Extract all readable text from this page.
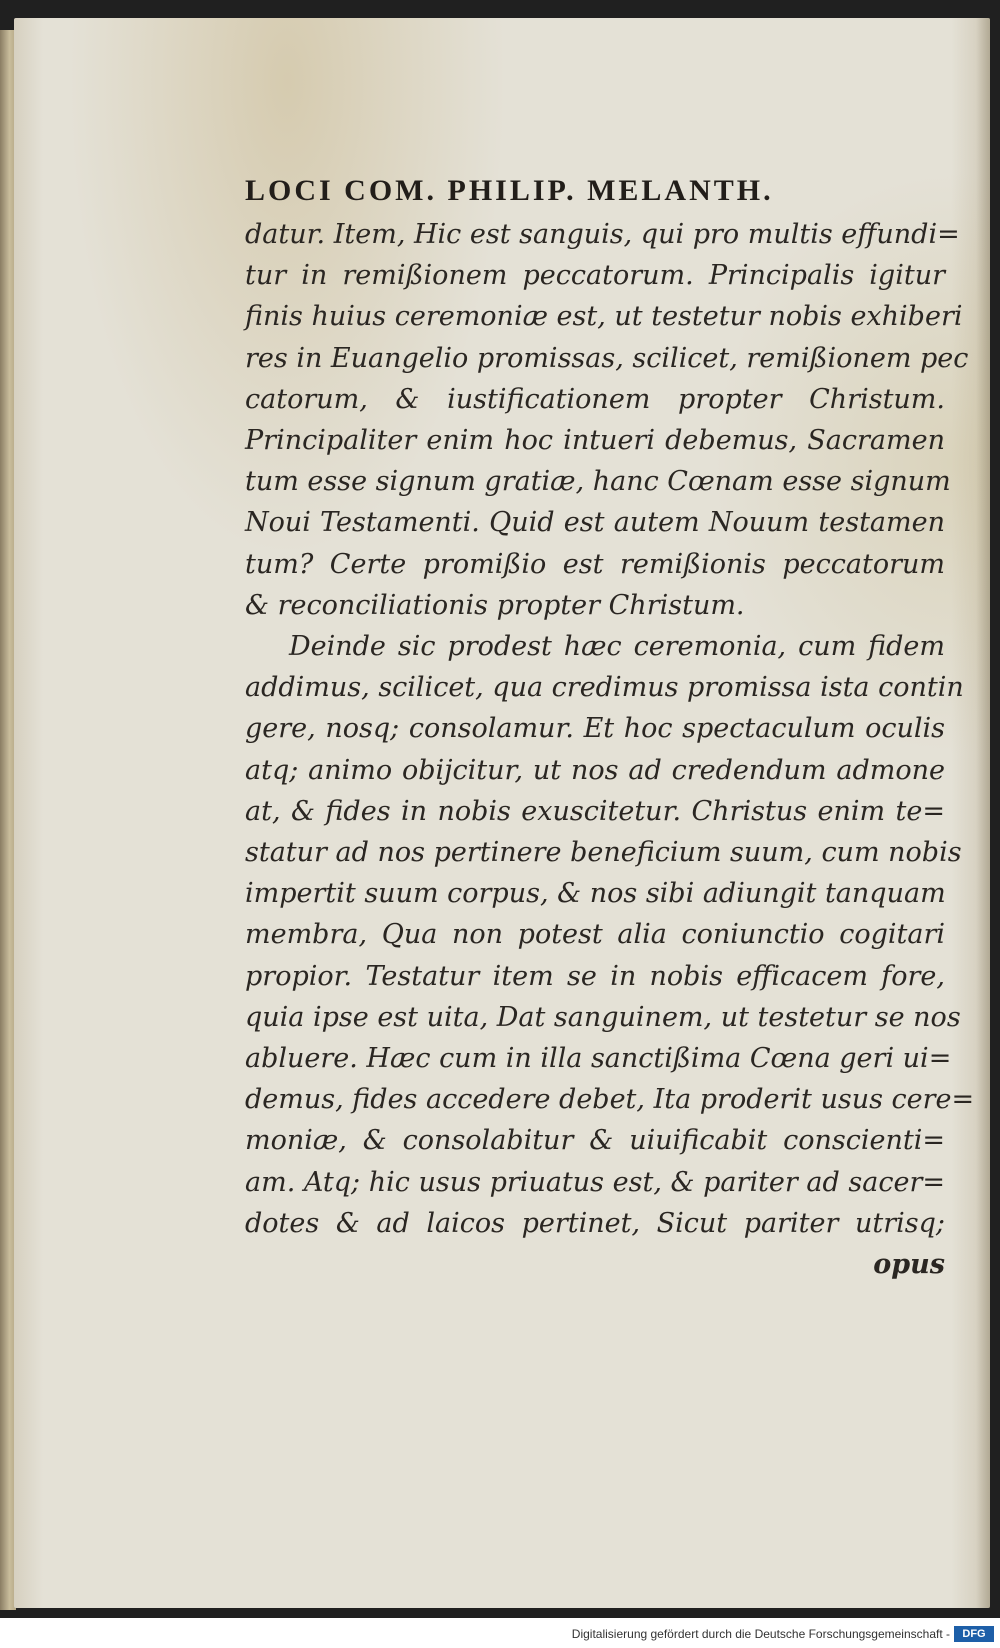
LOCI COM. PHILIP. MELANTH.
datur. Item, Hic est sanguis, qui pro multis effundi=
tur in remißionem peccatorum. Principalis igitur
finis huius ceremoniæ est, ut testetur nobis exhiberi
res in Euangelio promissas, scilicet, remißionem pec
catorum, & iustificationem propter Christum.
Principaliter enim hoc intueri debemus, Sacramen
tum esse signum gratiæ, hanc Cœnam esse signum
Noui Testamenti. Quid est autem Nouum testamen
tum? Certe promißio est remißionis peccatorum
& reconciliationis propter Christum.
Deinde sic prodest hæc ceremonia, cum fidem
addimus, scilicet, qua credimus promissa ista contin
gere, nosq; consolamur. Et hoc spectaculum oculis
atq; animo obijcitur, ut nos ad credendum admone
at, & fides in nobis exuscitetur. Christus enim te=
statur ad nos pertinere beneficium suum, cum nobis
impertit suum corpus, & nos sibi adiungit tanquam
membra, Qua non potest alia coniunctio cogitari
propior. Testatur item se in nobis efficacem fore,
quia ipse est uita, Dat sanguinem, ut testetur se nos
abluere. Hæc cum in illa sanctißima Cœna geri ui=
demus, fides accedere debet, Ita proderit usus cere=
moniæ, & consolabitur & uiuificabit conscienti=
am. Atq; hic usus priuatus est, & pariter ad sacer=
dotes & ad laicos pertinet, Sicut pariter utrisq;
opus
Digitalisierung gefördert durch die Deutsche Forschungsgemeinschaft -	DFG
